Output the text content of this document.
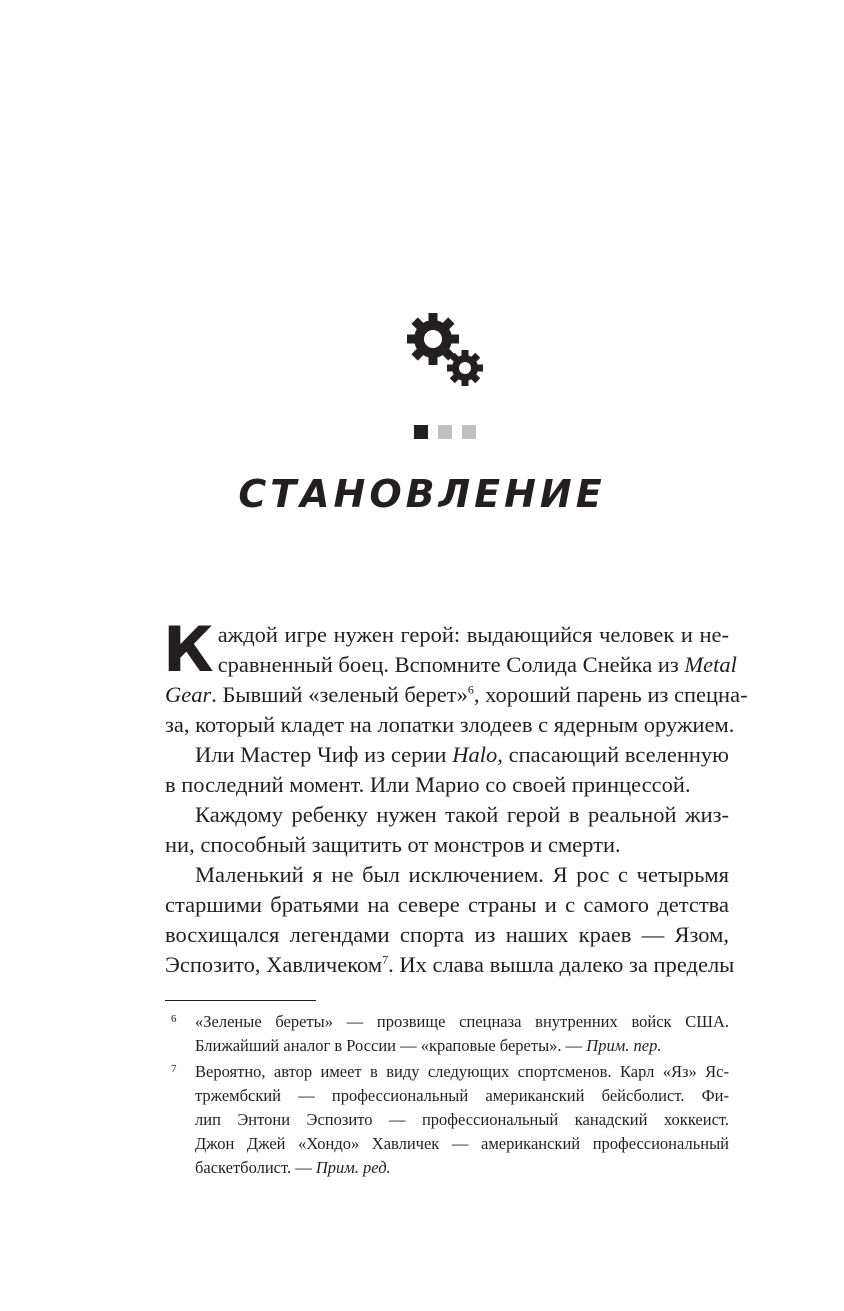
СТАНОВЛЕНИЕ

К аждой игре нужен герой: выдающийся человек и не-
сравненный боец. Вспомните Солида Снейка из Metal
Gear. Бывший «зеленый берет»$^6$, хороший парень из спецна-
за, который кладет на лопатки злодеев с ядерным оружием.

Или Мастер Чиф из серии Halo, спасающий вселенную
в последний момент. Или Марио со своей принцессой.

Каждому ребенку нужен такой герой в реальной жиз-
ни, способный защитить от монстров и смерти.

Маленький я не был исключением. Я рос с четырьмя
старшими братьями на севере страны и с самого детства
восхищался легендами спорта из наших краев — Язом,
Эспозито, Хавличеком$^7$. Их слава вышла далеко за пределы

6 «Зеленые береты» — прозвище спецназа внутренних войск США.
Ближайший аналог в России — «краповые береты». — Прим. пер.
7 Вероятно, автор имеет в виду следующих спортсменов. Карл «Яз» Яс-
тржембский — профессиональный американский бейсболист. Фи-
лип Энтони Эспозито — профессиональный канадский хоккеист.
Джон Джей «Хондо» Хавличек — американский профессиональный
баскетболист. — Прим. ред.
